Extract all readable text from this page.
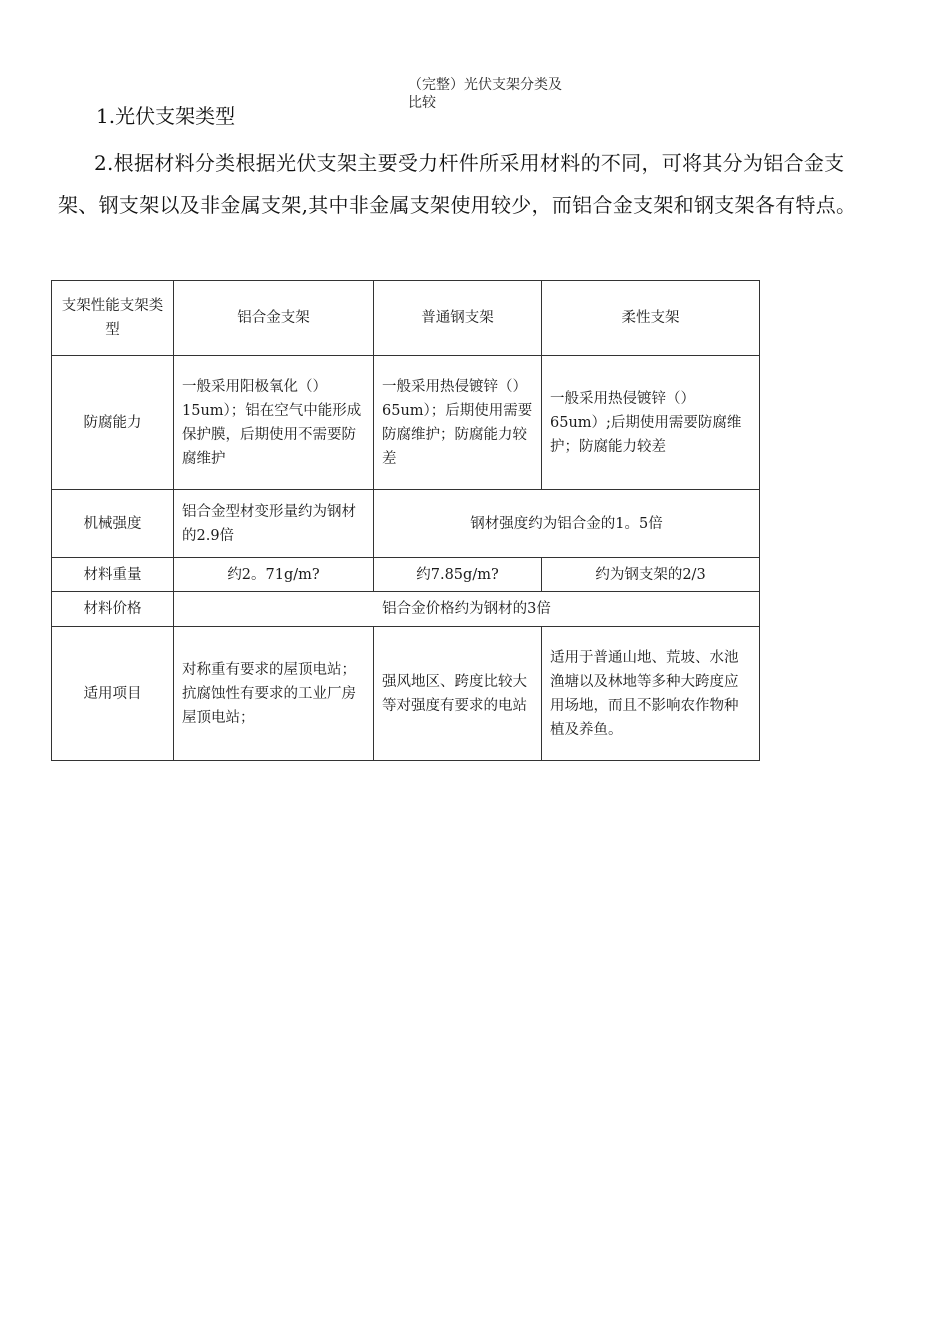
（完整）光伏支架分类及
比较
1.光伏支架类型
2.根据材料分类根据光伏支架主要受力杆件所采用材料的不同，可将其分为铝合金支架、钢支架以及非金属支架,其中非金属支架使用较少，而铝合金支架和钢支架各有特点。
支架性能支架类型	铝合金支架	普通钢支架	柔性支架
防腐能力	一般采用阳极氧化（）15um）；铝在空气中能形成保护膜，后期使用不需要防腐维护	一般采用热侵镀锌（）65um）；后期使用需要防腐维护；防腐能力较差	一般采用热侵镀锌（）65um）;后期使用需要防腐维护；防腐能力较差
机械强度	铝合金型材变形量约为钢材的2.9倍	钢材强度约为铝合金的1。5倍	
材料重量	约2。71g/m?	约7.85g/m?	约为钢支架的2/3
材料价格	铝合金价格约为钢材的3倍		
适用项目	对称重有要求的屋顶电站；抗腐蚀性有要求的工业厂房屋顶电站；	强风地区、跨度比较大等对强度有要求的电站	适用于普通山地、荒坡、水池渔塘以及林地等多种大跨度应用场地，而且不影响农作物种植及养鱼。
